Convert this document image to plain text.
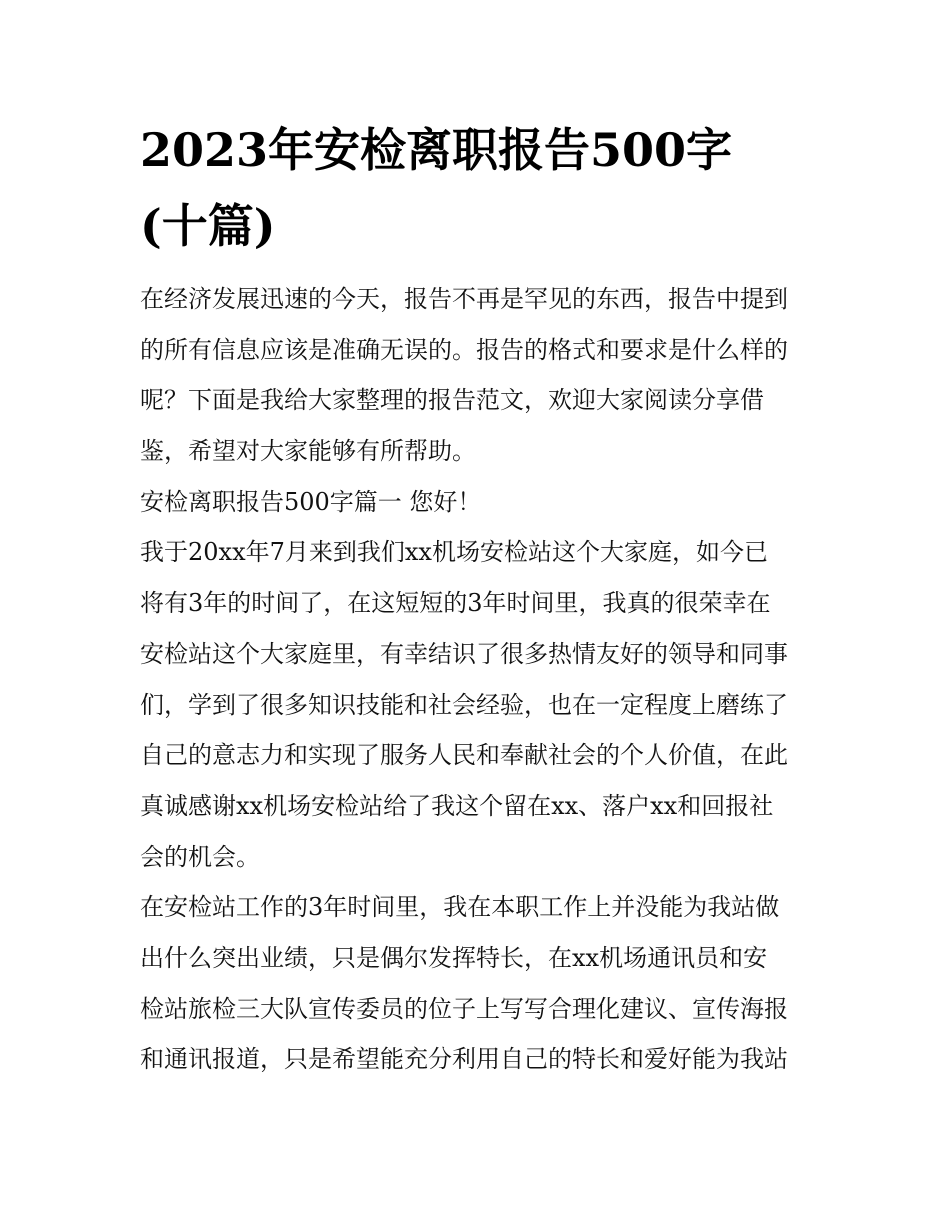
2023年安检离职报告500字
(十篇)
在经济发展迅速的今天，报告不再是罕见的东西，报告中提到
的所有信息应该是准确无误的。报告的格式和要求是什么样的
呢？下面是我给大家整理的报告范文，欢迎大家阅读分享借
鉴，希望对大家能够有所帮助。
安检离职报告500字篇一 您好！
我于20xx年7月来到我们xx机场安检站这个大家庭，如今已
将有3年的时间了，在这短短的3年时间里，我真的很荣幸在
安检站这个大家庭里，有幸结识了很多热情友好的领导和同事
们，学到了很多知识技能和社会经验，也在一定程度上磨练了
自己的意志力和实现了服务人民和奉献社会的个人价值，在此
真诚感谢xx机场安检站给了我这个留在xx、落户xx和回报社
会的机会。
在安检站工作的3年时间里，我在本职工作上并没能为我站做
出什么突出业绩，只是偶尔发挥特长，在xx机场通讯员和安
检站旅检三大队宣传委员的位子上写写合理化建议、宣传海报
和通讯报道，只是希望能充分利用自己的特长和爱好能为我站
